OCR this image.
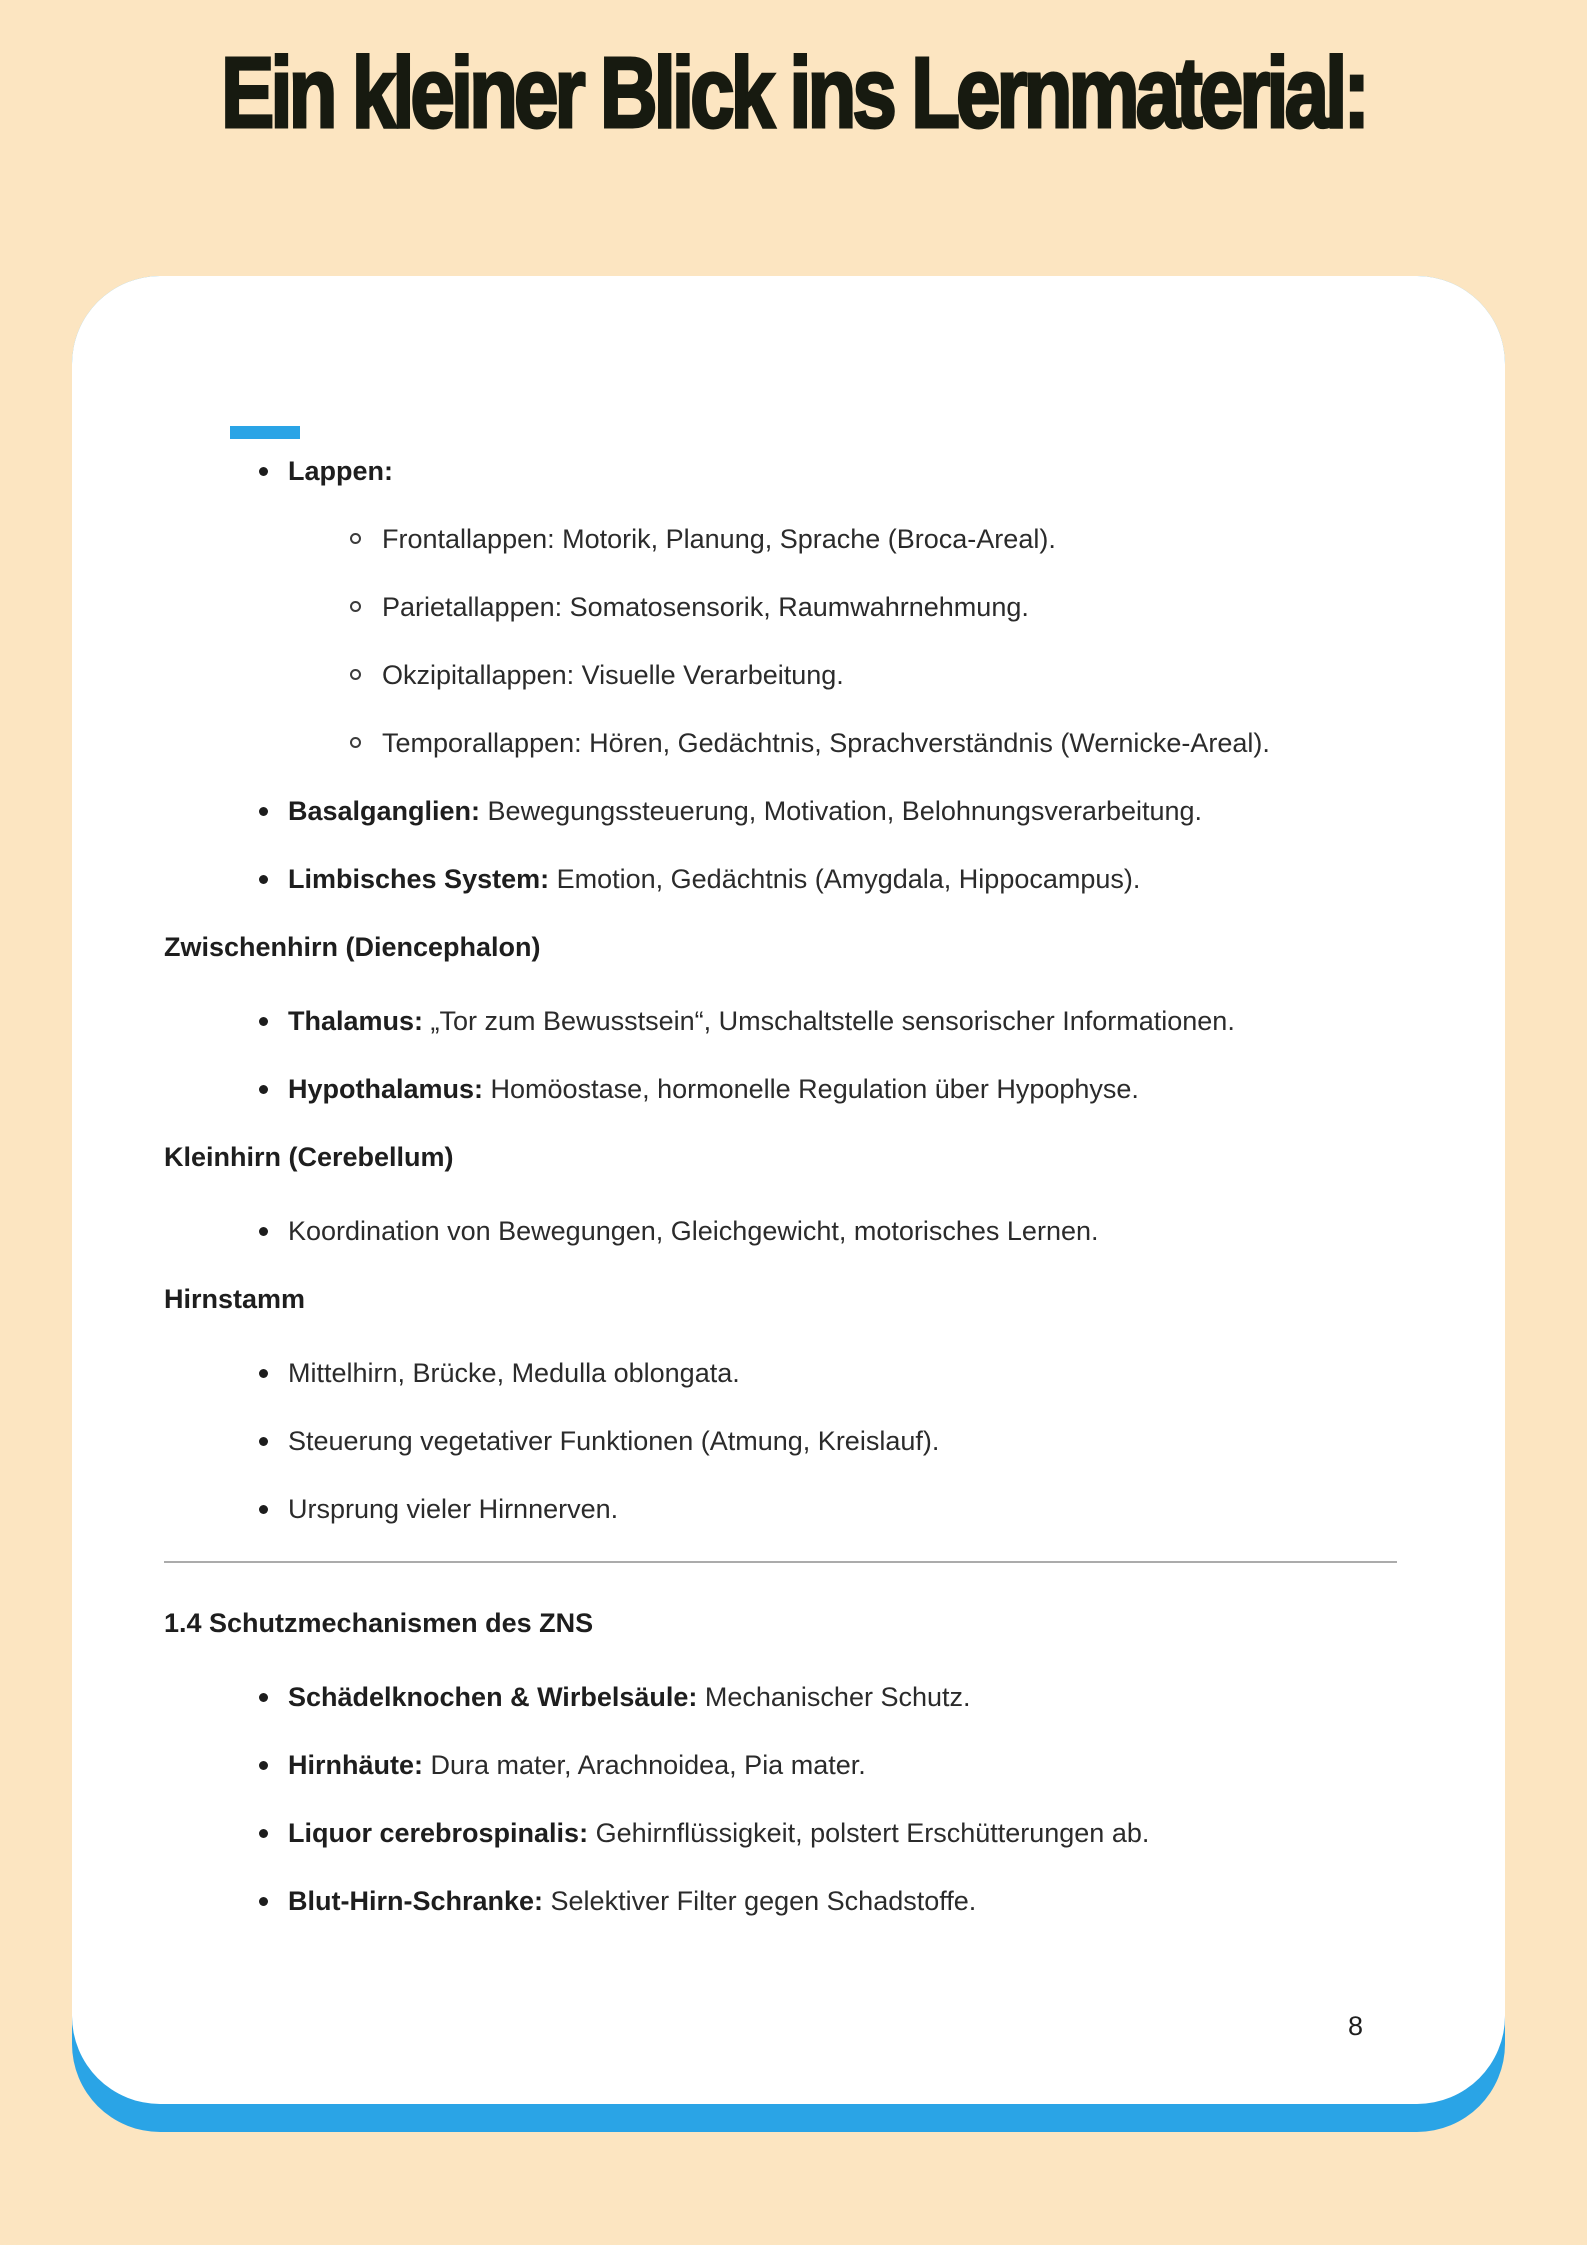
Ein kleiner Blick ins Lernmaterial:
Lappen:
Frontallappen: Motorik, Planung, Sprache (Broca-Areal).
Parietallappen: Somatosensorik, Raumwahrnehmung.
Okzipitallappen: Visuelle Verarbeitung.
Temporallappen: Hören, Gedächtnis, Sprachverständnis (Wernicke-Areal).
Basalganglien: Bewegungssteuerung, Motivation, Belohnungsverarbeitung.
Limbisches System: Emotion, Gedächtnis (Amygdala, Hippocampus).
Zwischenhirn (Diencephalon)
Thalamus: „Tor zum Bewusstsein“, Umschaltstelle sensorischer Informationen.
Hypothalamus: Homöostase, hormonelle Regulation über Hypophyse.
Kleinhirn (Cerebellum)
Koordination von Bewegungen, Gleichgewicht, motorisches Lernen.
Hirnstamm
Mittelhirn, Brücke, Medulla oblongata.
Steuerung vegetativer Funktionen (Atmung, Kreislauf).
Ursprung vieler Hirnnerven.
1.4 Schutzmechanismen des ZNS
Schädelknochen & Wirbelsäule: Mechanischer Schutz.
Hirnhäute: Dura mater, Arachnoidea, Pia mater.
Liquor cerebrospinalis: Gehirnflüssigkeit, polstert Erschütterungen ab.
Blut-Hirn-Schranke: Selektiver Filter gegen Schadstoffe.
8
